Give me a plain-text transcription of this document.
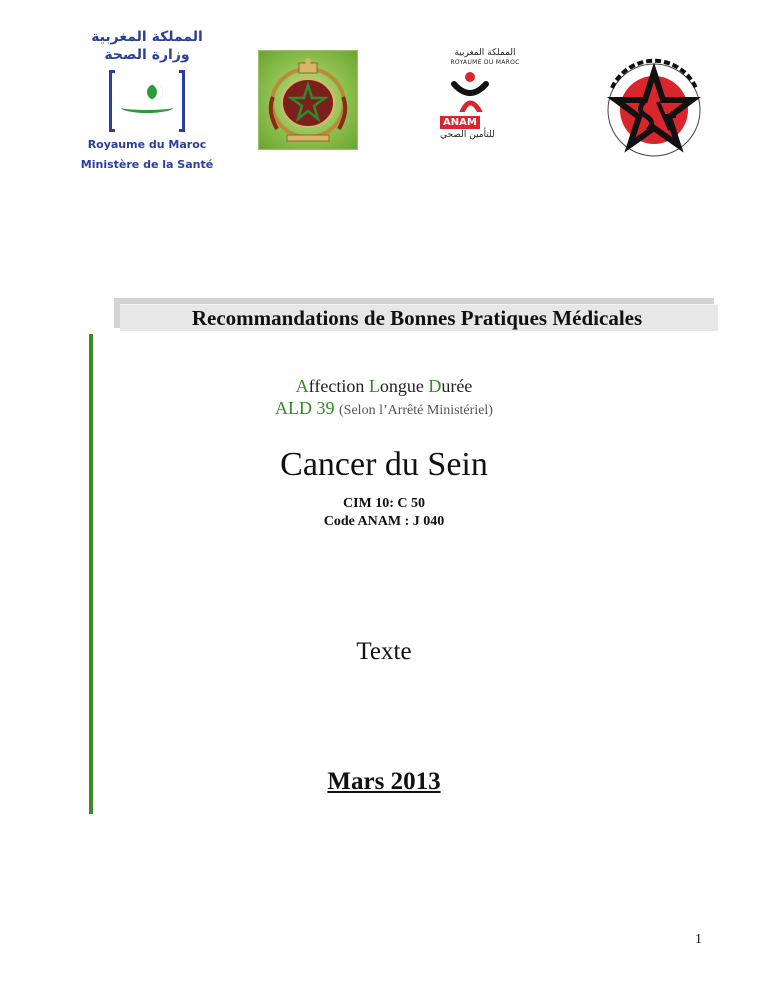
المملكة المغربية
وزارة الصحة
Royaume du Maroc
Ministère de la Santé
المملكة المغربية
ROYAUME DU MAROC
ANAM
للتأمين الصحي
Recommandations de Bonnes Pratiques Médicales
Affection Longue Durée
ALD 39 (Selon l’Arrêté Ministériel)
Cancer du Sein
CIM 10: C 50
Code ANAM : J 040
Texte
Mars 2013
1
